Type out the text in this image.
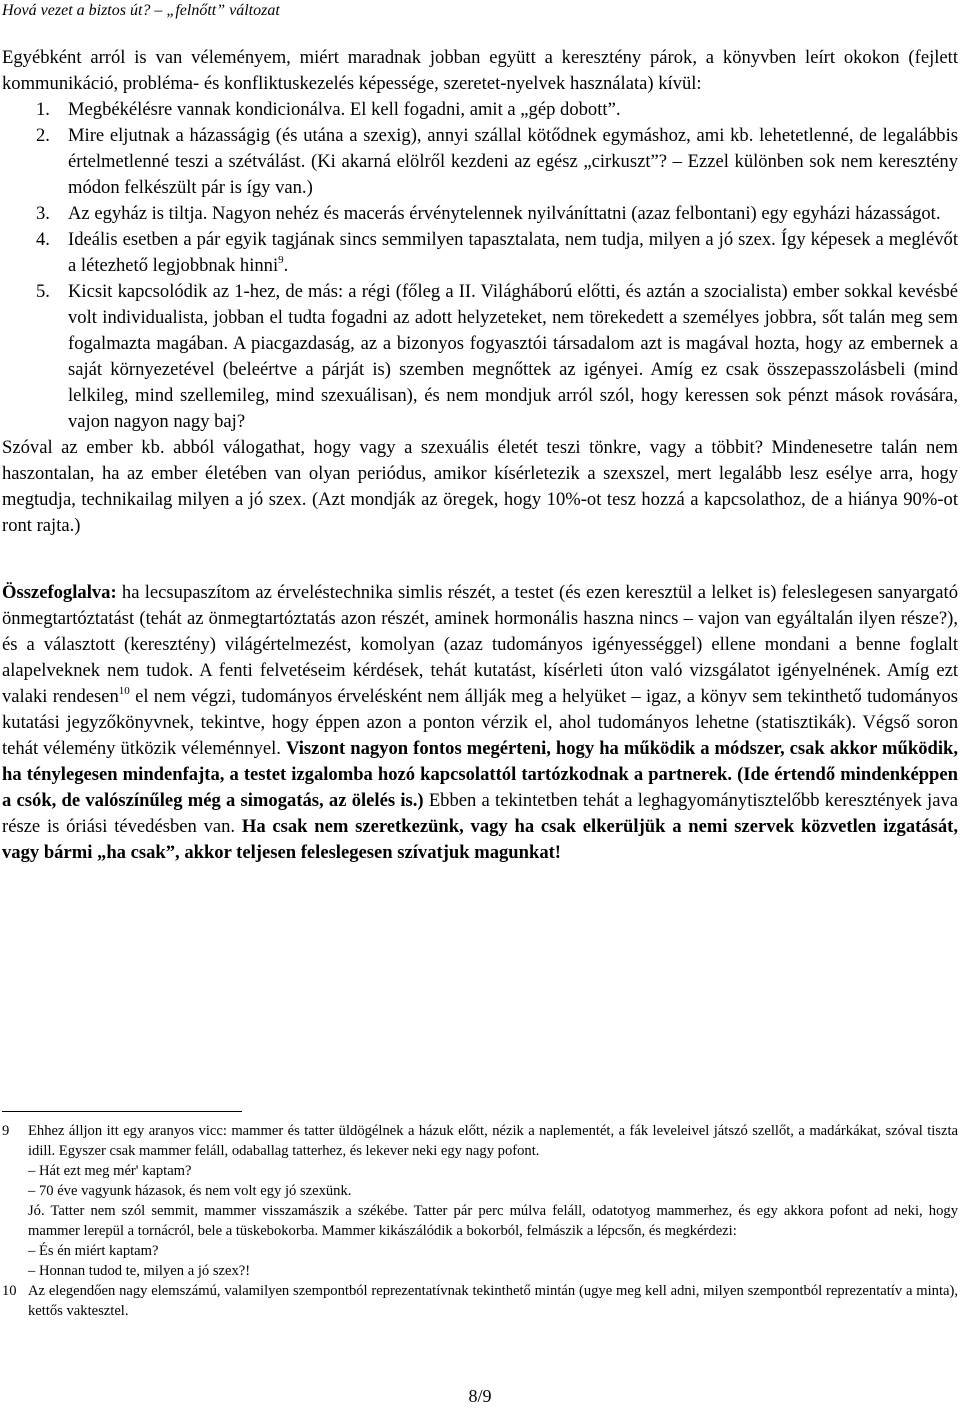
Hová vezet a biztos út? – „felnőtt” változat

Egyébként arról is van véleményem, miért maradnak jobban együtt a keresztény párok, a könyvben leírt okokon (fejlett kommunikáció, probléma- és konfliktuskezelés képessége, szeretet-nyelvek használata) kívül:

1. Megbékélésre vannak kondicionálva. El kell fogadni, amit a „gép dobott”.
2. Mire eljutnak a házasságig (és utána a szexig), annyi szállal kötődnek egymáshoz, ami kb. lehetetlenné, de legalábbis értelmetlenné teszi a szétválást. (Ki akarná elölről kezdeni az egész „cirkuszt”? – Ezzel különben sok nem keresztény módon felkészült pár is így van.)
3. Az egyház is tiltja. Nagyon nehéz és macerás érvénytelennek nyilváníttatni (azaz felbontani) egy egyházi házasságot.
4. Ideális esetben a pár egyik tagjának sincs semmilyen tapasztalata, nem tudja, milyen a jó szex. Így képesek a meglévőt a létezhető legjobbnak hinni$^9$.
5. Kicsit kapcsolódik az 1-hez, de más: a régi (főleg a II. Világháború előtti, és aztán a szocialista) ember sokkal kevésbé volt individualista, jobban el tudta fogadni az adott helyzeteket, nem törekedett a személyes jobbra, sőt talán meg sem fogalmazta magában. A piacgazdaság, az a bizonyos fogyasztói társadalom azt is magával hozta, hogy az embernek a saját környezetével (beleértve a párját is) szemben megnőttek az igényei. Amíg ez csak összepasszolásbeli (mind lelkileg, mind szellemileg, mind szexuálisan), és nem mondjuk arról szól, hogy keressen sok pénzt mások rovására, vajon nagyon nagy baj?

Szóval az ember kb. abból válogathat, hogy vagy a szexuális életét teszi tönkre, vagy a többit? Mindenesetre talán nem haszontalan, ha az ember életében van olyan periódus, amikor kísérletezik a szexszel, mert legalább lesz esélye arra, hogy megtudja, technikailag milyen a jó szex. (Azt mondják az öregek, hogy 10%-ot tesz hozzá a kapcsolathoz, de a hiánya 90%-ot ront rajta.)

Összefoglalva: ha lecsupaszítom az érveléstechnika simlis részét, a testet (és ezen keresztül a lelket is) feleslegesen sanyargató önmegtartóztatást (tehát az önmegtartóztatás azon részét, aminek hormonális haszna nincs – vajon van egyáltalán ilyen része?), és a választott (keresztény) világértelmezést, komolyan (azaz tudományos igényességgel) ellene mondani a benne foglalt alapelveknek nem tudok. A fenti felvetéseim kérdések, tehát kutatást, kísérleti úton való vizsgálatot igényelnének. Amíg ezt valaki rendesen$^{10}$ el nem végzi, tudományos érvelésként nem állják meg a helyüket – igaz, a könyv sem tekinthető tudományos kutatási jegyzőkönyvnek, tekintve, hogy éppen azon a ponton vérzik el, ahol tudományos lehetne (statisztikák). Végső soron tehát vélemény ütközik véleménnyel. Viszont nagyon fontos megérteni, hogy ha működik a módszer, csak akkor működik, ha ténylegesen mindenfajta, a testet izgalomba hozó kapcsolattól tartózkodnak a partnerek. (Ide értendő mindenképpen a csók, de valószínűleg még a simogatás, az ölelés is.) Ebben a tekintetben tehát a leghagyománytisztelőbb keresztények java része is óriási tévedésben van. Ha csak nem szeretkezünk, vagy ha csak elkerüljük a nemi szervek közvetlen izgatását, vagy bármi „ha csak”, akkor teljesen feleslegesen szívatjuk magunkat!

9 Ehhez álljon itt egy aranyos vicc: mammer és tatter üldögélnek a házuk előtt, nézik a naplementét, a fák leveleivel játszó szellőt, a madárkákat, szóval tiszta idill. Egyszer csak mammer feláll, odaballag tatterhez, és lekever neki egy nagy pofont.

– Hát ezt meg mér' kaptam?

– 70 éve vagyunk házasok, és nem volt egy jó szexünk.

Jó. Tatter nem szól semmit, mammer visszamászik a székébe. Tatter pár perc múlva feláll, odatotyog mammerhez, és egy akkora pofont ad neki, hogy mammer lerepül a tornácról, bele a tüskebokorba. Mammer kikászálódik a bokorból, felmászik a lépcsőn, és megkérdezi:

– És én miért kaptam?

– Honnan tudod te, milyen a jó szex?!

10 Az elegendően nagy elemszámú, valamilyen szempontból reprezentatívnak tekinthető mintán (ugye meg kell adni, milyen szempontból reprezentatív a minta), kettős vaktesztel.

8/9
